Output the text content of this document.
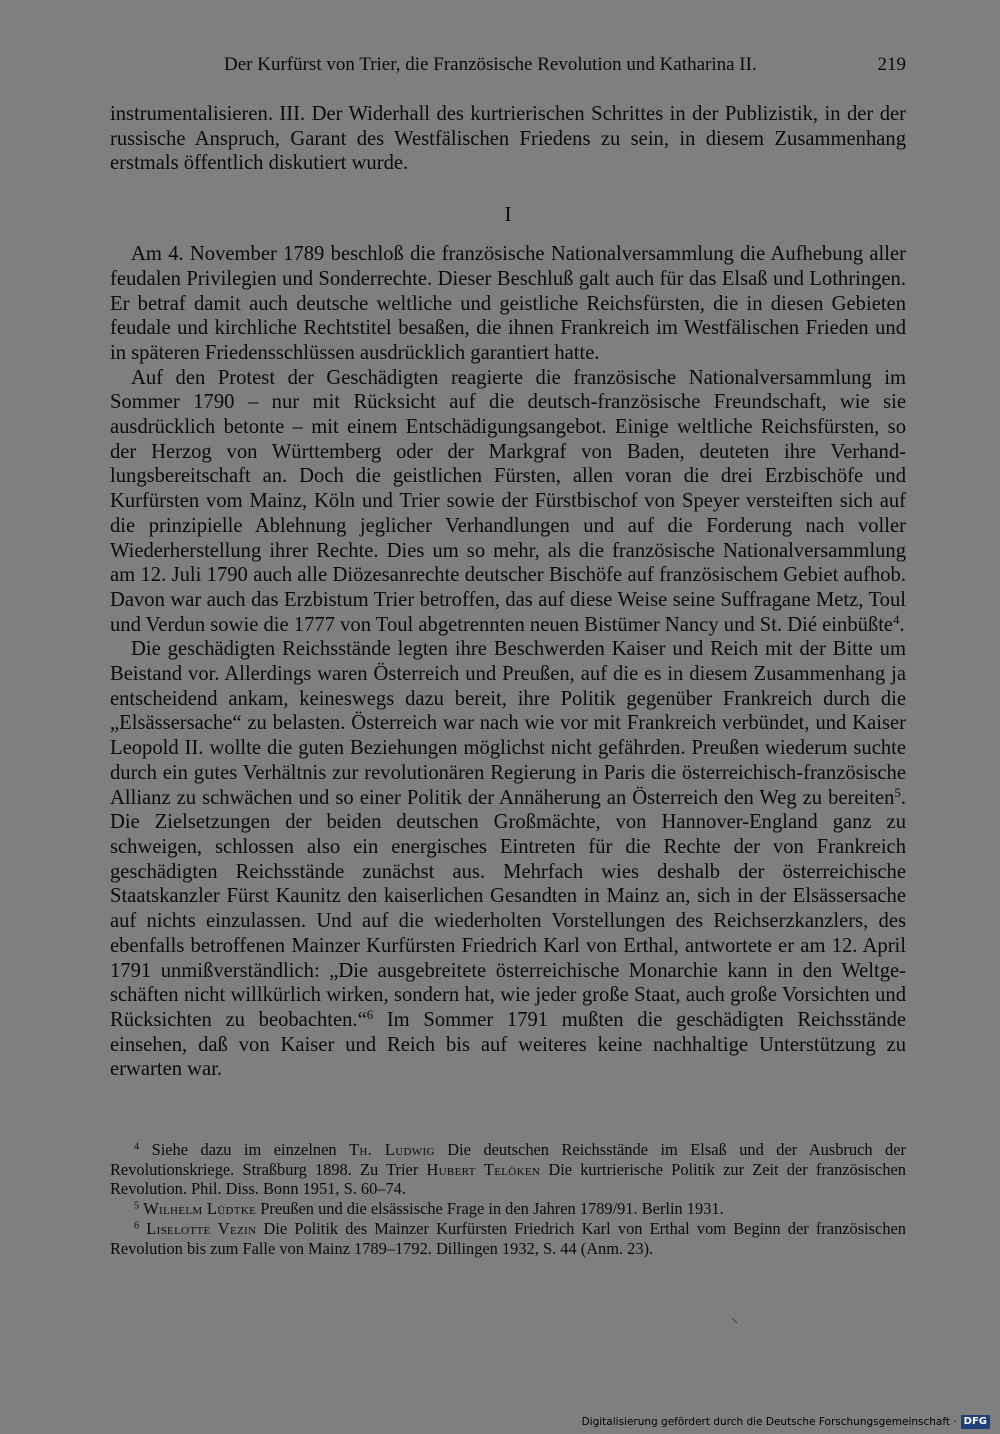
Der Kurfürst von Trier, die Französische Revolution und Katharina II.	219

instrumentalisieren. III. Der Widerhall des kurtrierischen Schrittes in der Publizistik, in der der russische Anspruch, Garant des Westfälischen Friedens zu sein, in diesem Zusammenhang erstmals öffentlich diskutiert wurde.

I

Am 4. November 1789 beschloß die französische Nationalversammlung die Aufhebung aller feudalen Privilegien und Sonderrechte. Dieser Beschluß galt auch für das Elsaß und Lothringen. Er betraf damit auch deutsche weltliche und geistliche Reichsfürsten, die in diesen Gebieten feudale und kirchliche Rechtstitel besaßen, die ihnen Frankreich im Westfälischen Frieden und in späteren Friedensschlüssen ausdrücklich garantiert hatte.

Auf den Protest der Geschädigten reagierte die französische Nationalversammlung im Sommer 1790 – nur mit Rücksicht auf die deutsch-französische Freundschaft, wie sie ausdrücklich betonte – mit einem Entschädigungsangebot. Einige weltliche Reichsfürsten, so der Herzog von Württemberg oder der Markgraf von Baden, deuteten ihre Verhandlungsbereitschaft an. Doch die geistlichen Fürsten, allen voran die drei Erzbischöfe und Kurfürsten vom Mainz, Köln und Trier sowie der Fürstbischof von Speyer versteiften sich auf die prinzipielle Ablehnung jeglicher Verhandlungen und auf die Forderung nach voller Wiederherstellung ihrer Rechte. Dies um so mehr, als die französische Nationalversammlung am 12. Juli 1790 auch alle Diözesanrechte deutscher Bischöfe auf französischem Gebiet aufhob. Davon war auch das Erzbistum Trier betroffen, das auf diese Weise seine Suffragane Metz, Toul und Verdun sowie die 1777 von Toul abgetrennten neuen Bistümer Nancy und St. Dié einbüßte$^4$.

Die geschädigten Reichsstände legten ihre Beschwerden Kaiser und Reich mit der Bitte um Beistand vor. Allerdings waren Österreich und Preußen, auf die es in diesem Zusammenhang ja entscheidend ankam, keineswegs dazu bereit, ihre Politik gegenüber Frankreich durch die „Elsässersache“ zu belasten. Österreich war nach wie vor mit Frankreich verbündet, und Kaiser Leopold II. wollte die guten Beziehungen möglichst nicht gefährden. Preußen wiederum suchte durch ein gutes Verhältnis zur revolutionären Regierung in Paris die österreichisch-französische Allianz zu schwächen und so einer Politik der Annäherung an Österreich den Weg zu bereiten$^5$. Die Zielsetzungen der beiden deutschen Großmächte, von Hannover-England ganz zu schweigen, schlossen also ein energisches Eintreten für die Rechte der von Frankreich geschädigten Reichsstände zunächst aus. Mehrfach wies deshalb der österreichische Staatskanzler Fürst Kaunitz den kaiserlichen Gesandten in Mainz an, sich in der Elsässersache auf nichts einzulassen. Und auf die wiederholten Vorstellungen des Reichserzkanzlers, des ebenfalls betroffenen Mainzer Kurfürsten Friedrich Karl von Erthal, antwortete er am 12. April 1791 unmißverständlich: „Die ausgebreitete österreichische Monarchie kann in den Weltgeschäften nicht willkürlich wirken, sondern hat, wie jeder große Staat, auch große Vorsichten und Rücksichten zu beobachten.“$^6$ Im Sommer 1791 mußten die geschädigten Reichsstände einsehen, daß von Kaiser und Reich bis auf weiteres keine nachhaltige Unterstützung zu erwarten war.

$^4$ Siehe dazu im einzelnen Th. Ludwig Die deutschen Reichsstände im Elsaß und der Ausbruch der Revolutionskriege. Straßburg 1898. Zu Trier Hubert Telöken Die kurtrierische Politik zur Zeit der französischen Revolution. Phil. Diss. Bonn 1951, S. 60–74.

$^5$ Wilhelm Lüdtke Preußen und die elsässische Frage in den Jahren 1789/91. Berlin 1931.

$^6$ Liselotte Vezin Die Politik des Mainzer Kurfürsten Friedrich Karl von Erthal vom Beginn der französischen Revolution bis zum Falle von Mainz 1789–1792. Dillingen 1932, S. 44 (Anm. 23).

Digitalisierung gefördert durch die Deutsche Forschungsgemeinschaft · DFG
